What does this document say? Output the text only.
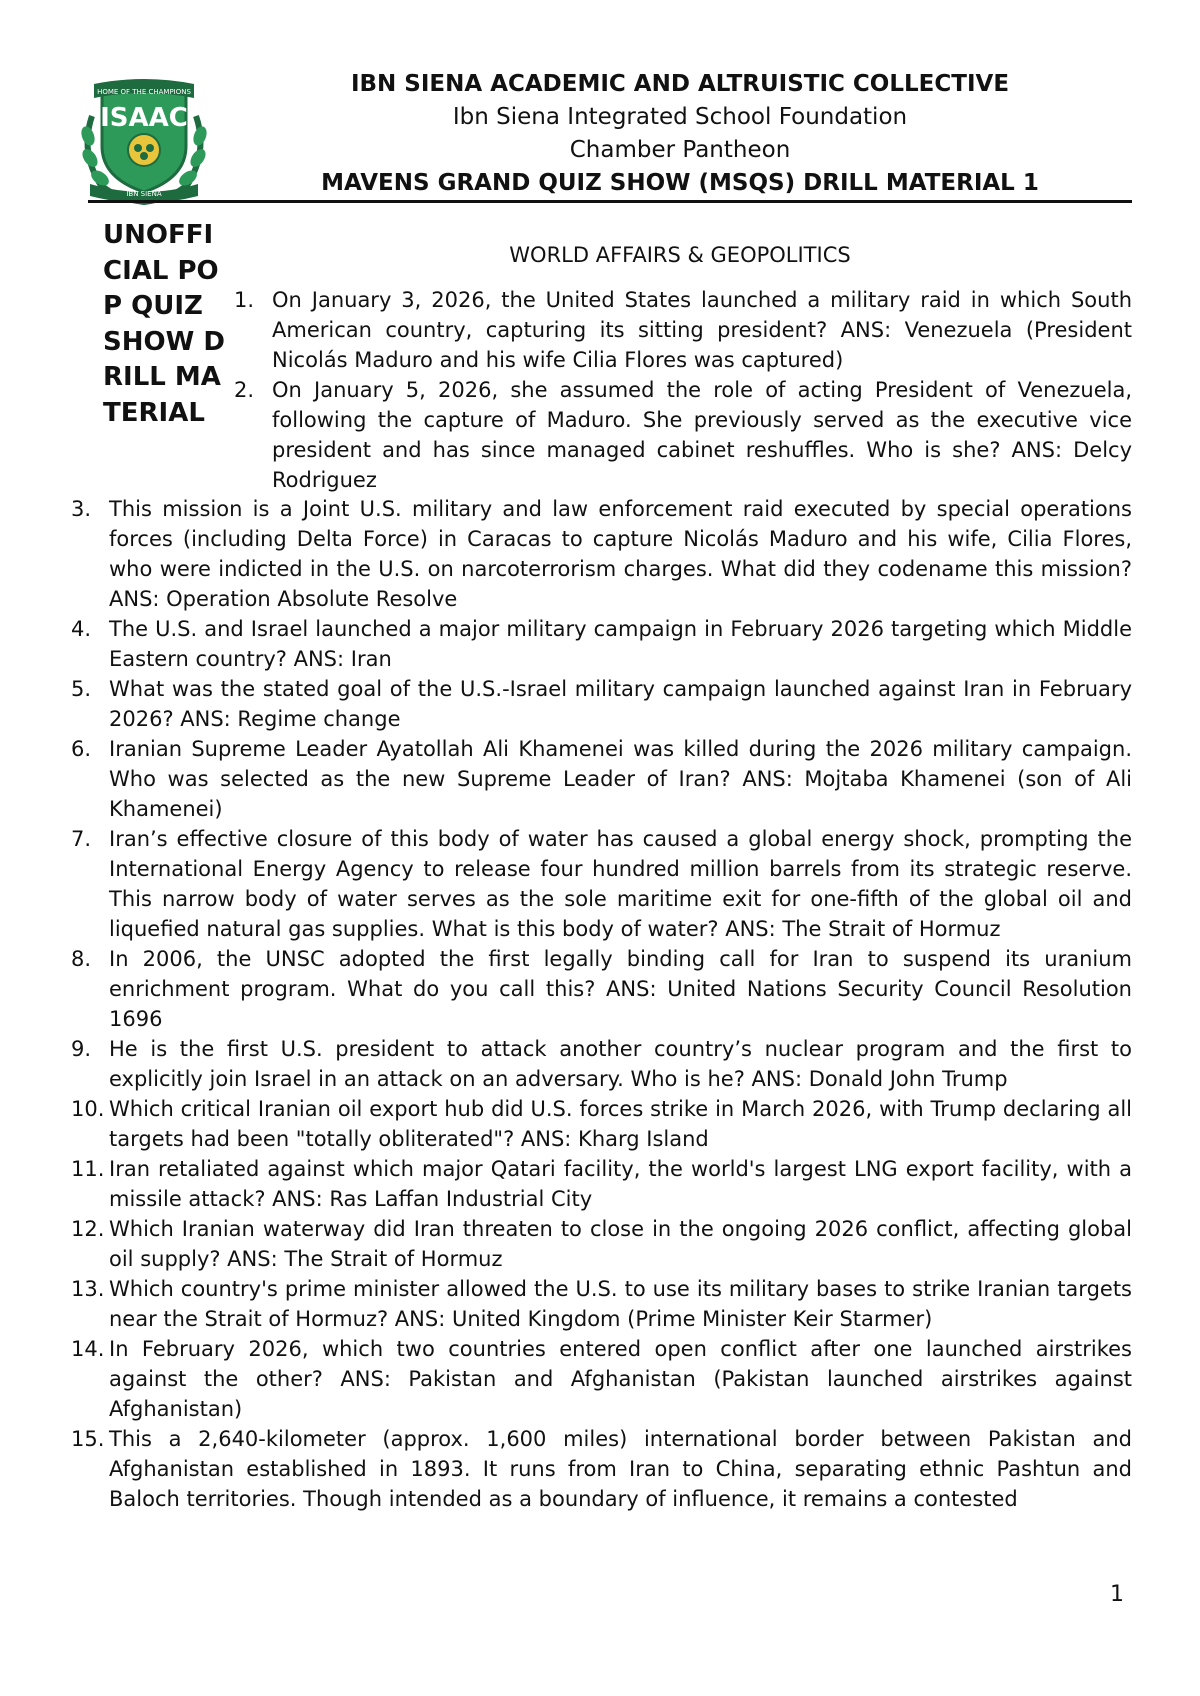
HOME OF THE CHAMPIONS
ISAAC
IBN SIENA
IBN SIENA ACADEMIC AND ALTRUISTIC COLLECTIVE
Ibn Siena Integrated School Foundation
Chamber Pantheon
MAVENS GRAND QUIZ SHOW (MSQS) DRILL MATERIAL 1
UNOFFICIAL POP QUIZ SHOW DRILL MATERIAL
WORLD AFFAIRS & GEOPOLITICS
1. On January 3, 2026, the United States launched a military raid in which South American country, capturing its sitting president? ANS: Venezuela (President Nicolás Maduro and his wife Cilia Flores was captured)
2. On January 5, 2026, she assumed the role of acting President of Venezuela, following the capture of Maduro. She previously served as the executive vice president and has since managed cabinet reshuffles. Who is she? ANS: Delcy Rodriguez
3. This mission is a Joint U.S. military and law enforcement raid executed by special operations forces (including Delta Force) in Caracas to capture Nicolás Maduro and his wife, Cilia Flores, who were indicted in the U.S. on narcoterrorism charges. What did they codename this mission? ANS: Operation Absolute Resolve
4. The U.S. and Israel launched a major military campaign in February 2026 targeting which Middle Eastern country? ANS: Iran
5. What was the stated goal of the U.S.-Israel military campaign launched against Iran in February 2026? ANS: Regime change
6. Iranian Supreme Leader Ayatollah Ali Khamenei was killed during the 2026 military campaign. Who was selected as the new Supreme Leader of Iran? ANS: Mojtaba Khamenei (son of Ali Khamenei)
7. Iran’s effective closure of this body of water has caused a global energy shock, prompting the International Energy Agency to release four hundred million barrels from its strategic reserve. This narrow body of water serves as the sole maritime exit for one-fifth of the global oil and liquefied natural gas supplies. What is this body of water? ANS: The Strait of Hormuz
8. In 2006, the UNSC adopted the first legally binding call for Iran to suspend its uranium enrichment program. What do you call this? ANS: United Nations Security Council Resolution 1696
9. He is the first U.S. president to attack another country’s nuclear program and the first to explicitly join Israel in an attack on an adversary. Who is he? ANS: Donald John Trump
10. Which critical Iranian oil export hub did U.S. forces strike in March 2026, with Trump declaring all targets had been "totally obliterated"? ANS: Kharg Island
11. Iran retaliated against which major Qatari facility, the world's largest LNG export facility, with a missile attack? ANS: Ras Laffan Industrial City
12. Which Iranian waterway did Iran threaten to close in the ongoing 2026 conflict, affecting global oil supply? ANS: The Strait of Hormuz
13. Which country's prime minister allowed the U.S. to use its military bases to strike Iranian targets near the Strait of Hormuz? ANS: United Kingdom (Prime Minister Keir Starmer)
14. In February 2026, which two countries entered open conflict after one launched airstrikes against the other? ANS: Pakistan and Afghanistan (Pakistan launched airstrikes against Afghanistan)
15. This a 2,640-kilometer (approx. 1,600 miles) international border between Pakistan and Afghanistan established in 1893. It runs from Iran to China, separating ethnic Pashtun and Baloch territories. Though intended as a boundary of influence, it remains a contested
1
